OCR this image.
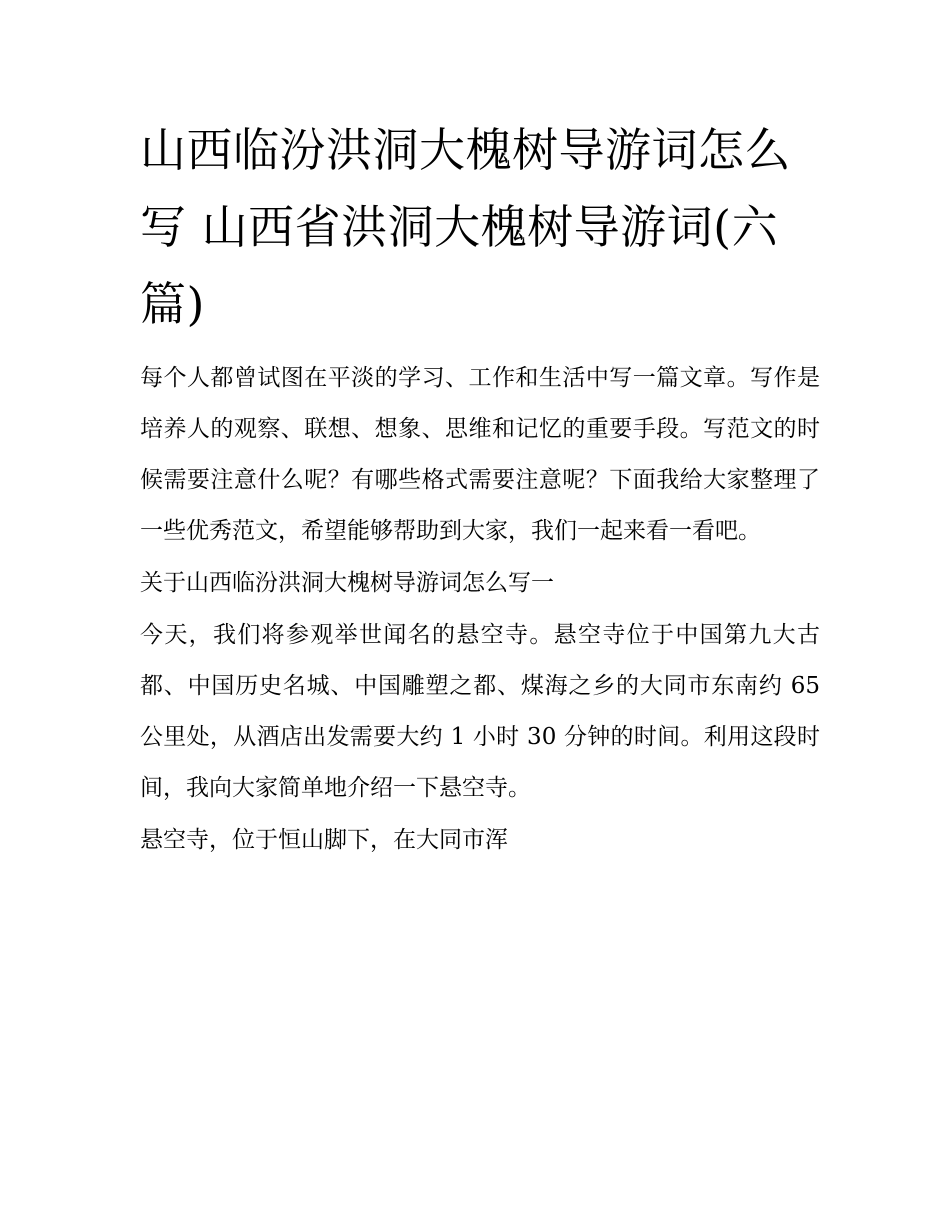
山西临汾洪洞大槐树导游词怎么写 山西省洪洞大槐树导游词(六篇)

每个人都曾试图在平淡的学习、工作和生活中写一篇文章。写作是培养人的观察、联想、想象、思维和记忆的重要手段。写范文的时候需要注意什么呢？有哪些格式需要注意呢？下面我给大家整理了一些优秀范文，希望能够帮助到大家，我们一起来看一看吧。

关于山西临汾洪洞大槐树导游词怎么写一

今天，我们将参观举世闻名的悬空寺。悬空寺位于中国第九大古都、中国历史名城、中国雕塑之都、煤海之乡的大同市东南约 65 公里处，从酒店出发需要大约 1 小时 30 分钟的时间。利用这段时间，我向大家简单地介绍一下悬空寺。

悬空寺，位于恒山脚下，在大同市浑
